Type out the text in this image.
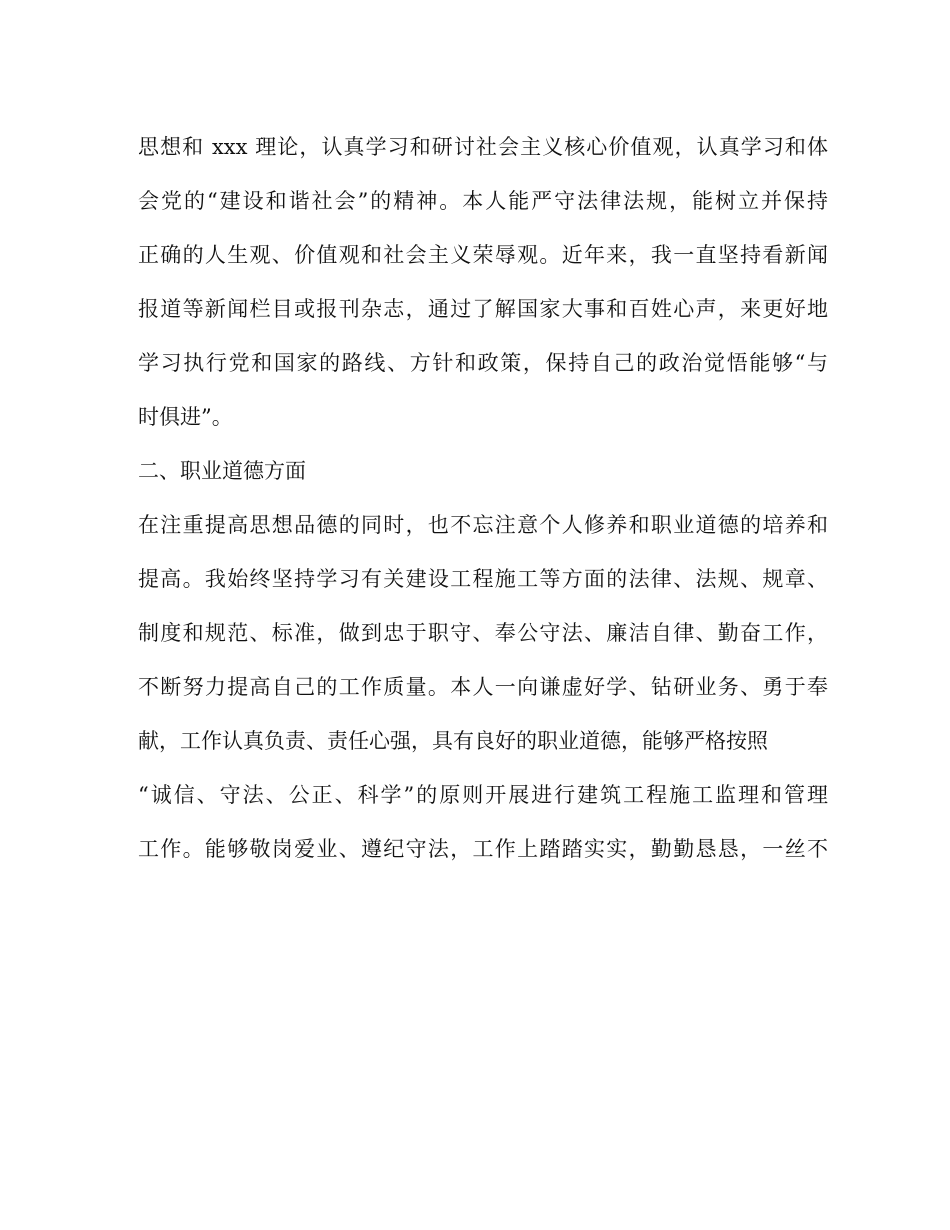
思想和 xxx 理论，认真学习和研讨社会主义核心价值观，认真学习和体
会党的“建设和谐社会”的精神。本人能严守法律法规，能树立并保持
正确的人生观、价值观和社会主义荣辱观。近年来，我一直坚持看新闻
报道等新闻栏目或报刊杂志，通过了解国家大事和百姓心声，来更好地
学习执行党和国家的路线、方针和政策，保持自己的政治觉悟能够“与
时俱进”。
二、职业道德方面
在注重提高思想品德的同时，也不忘注意个人修养和职业道德的培养和
提高。我始终坚持学习有关建设工程施工等方面的法律、法规、规章、
制度和规范、标准，做到忠于职守、奉公守法、廉洁自律、勤奋工作，
不断努力提高自己的工作质量。本人一向谦虚好学、钻研业务、勇于奉
献，工作认真负责、责任心强，具有良好的职业道德，能够严格按照
“诚信、守法、公正、科学”的原则开展进行建筑工程施工监理和管理
工作。能够敬岗爱业、遵纪守法，工作上踏踏实实，勤勤恳恳，一丝不
